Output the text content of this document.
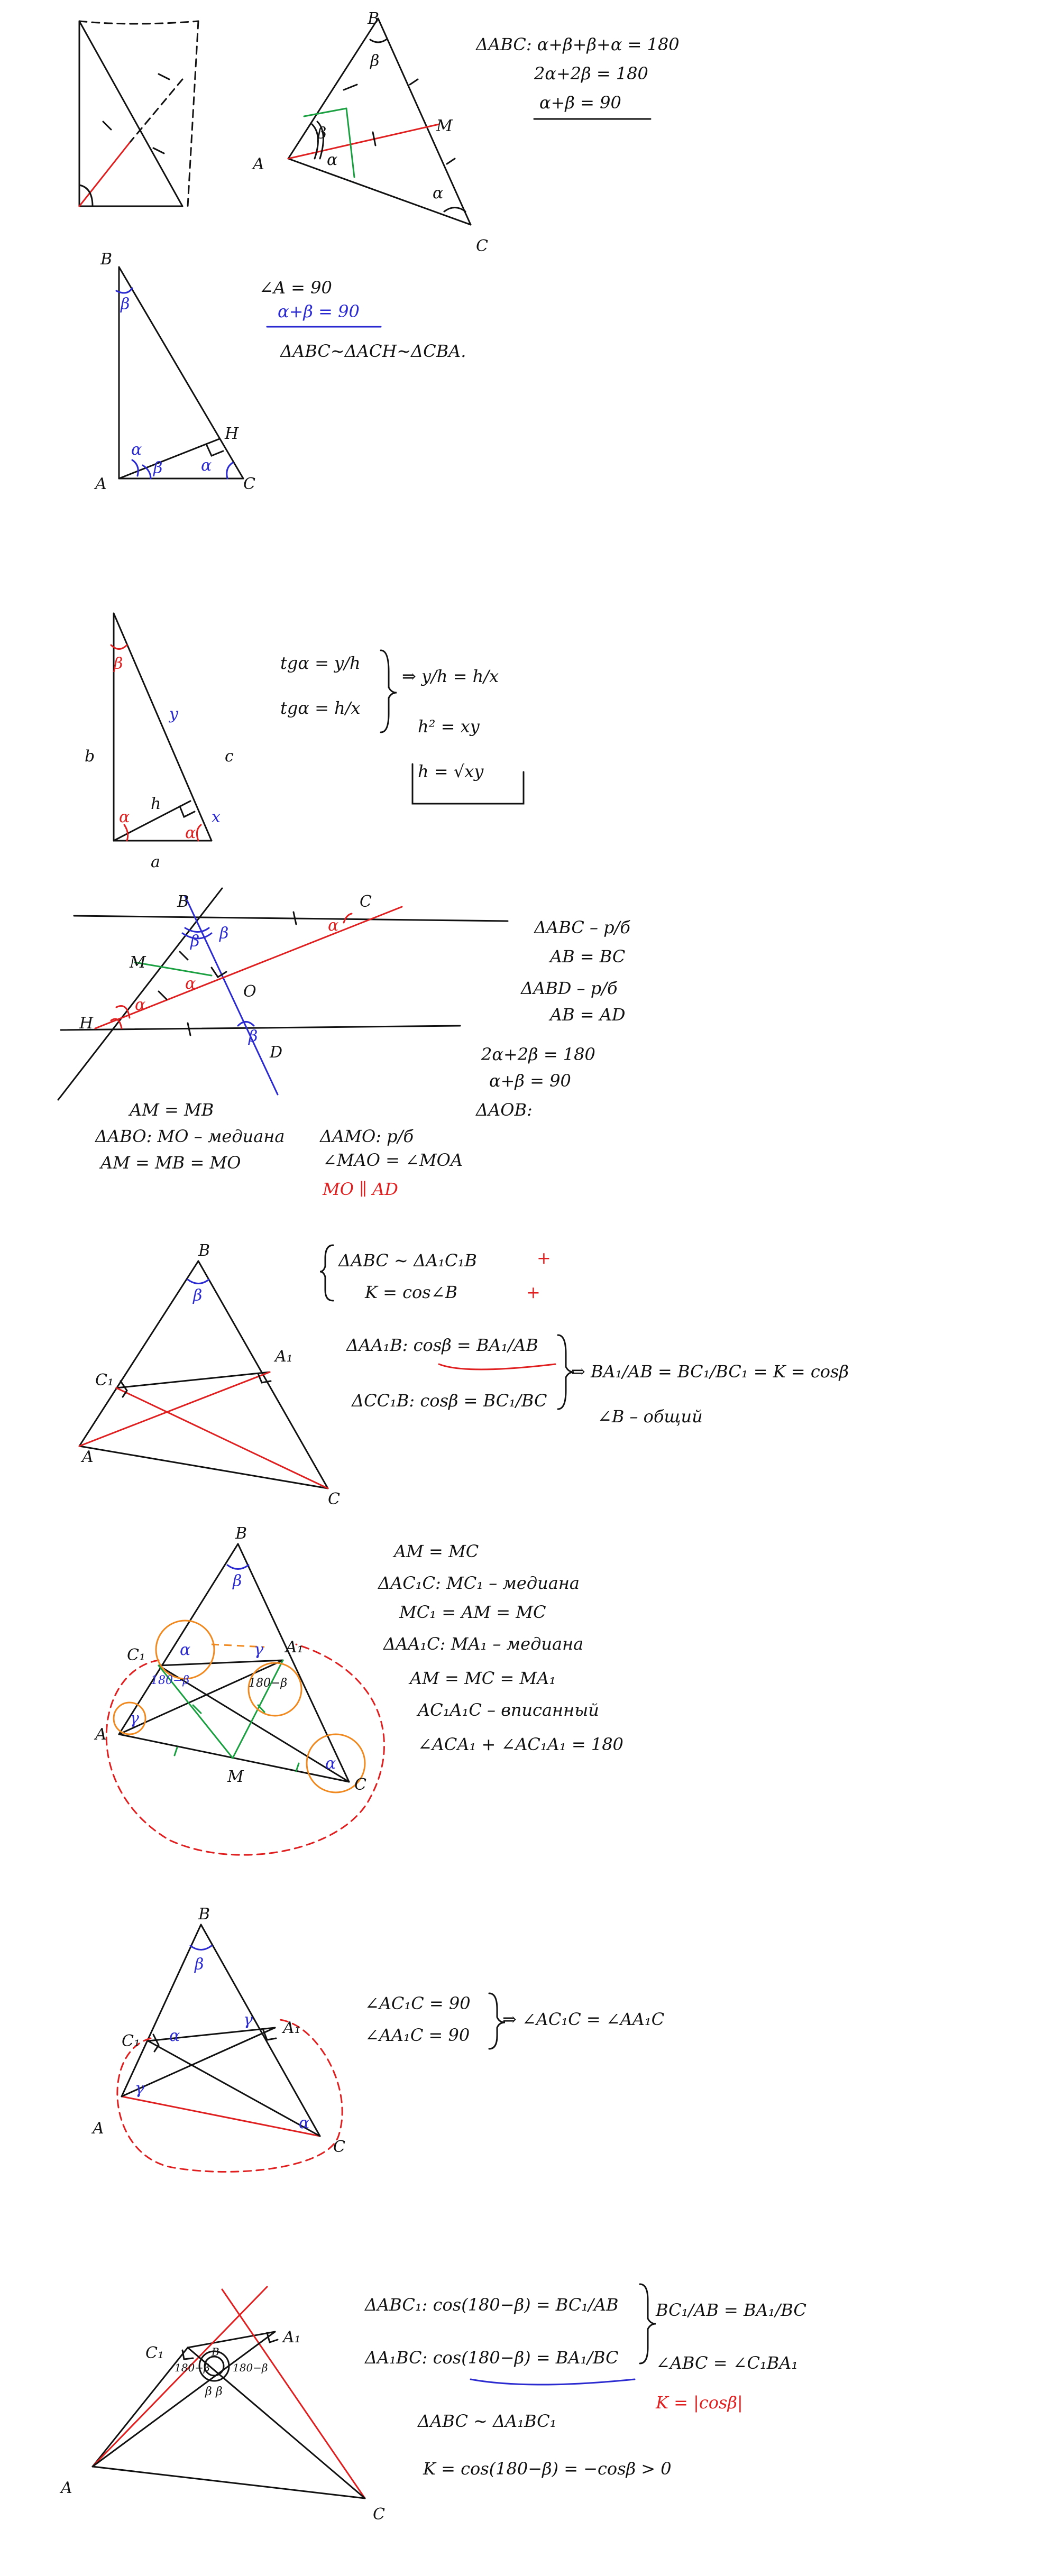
B
A
M
C
β
β
α
α
ΔABC: α+β+β+α = 180
2α+2β = 180
α+β = 90
B
H
A	C
β
α
β α
∠A = 90
α+β = 90
ΔABC∼ΔACH∼ΔCBA.
b	c
a
y
x
h
β
α
α
tgα = y/h
tgα = h/x
⇒ y/h = h/x
h² = xy
h = √xy
B	C
M
O
H
D
β β
α
α
α
β
ΔABC – р/б
AB = BC
ΔABD – р/б
AB = AD
2α+2β = 180
α+β = 90
ΔAOB:
AM = MB
ΔABO: MO – медиана
AM = MB = MO
ΔAMO: р/б
∠MAO = ∠MOA
MO ∥ AD
B
C₁
A₁
A
C
β
ΔABC ∼ ΔA₁C₁B
K = cos∠B
+
+
ΔAA₁B: cosβ = BA₁/AB
ΔCC₁B: cosβ = BC₁/BC
⇒ BA₁/AB = BC₁/BC₁ = K = cosβ
∠B – общий
B
C₁	A₁
A
C
M
β
α	γ
γ
α
180−β	180−β
AM = MC
ΔAC₁C: MC₁ – медиана
MC₁ = AM = MC
ΔAA₁C: MA₁ – медиана
AM = MC = MA₁
AC₁A₁C – вписанный
∠ACA₁ + ∠AC₁A₁ = 180
B
C₁
A₁
A
C
β
α
γ
γ
α
∠AC₁C = 90
∠AA₁C = 90
⇒ ∠AC₁C = ∠AA₁C
C₁
A₁
A
C
B
180−β 180−β
β β
ΔABC₁: cos(180−β) = BC₁/AB
ΔA₁BC: cos(180−β) = BA₁/BC
BC₁/AB = BA₁/BC
∠ABC = ∠C₁BA₁
K = |cosβ|
ΔABC ∼ ΔA₁BC₁
K = cos(180−β) = −cosβ > 0
